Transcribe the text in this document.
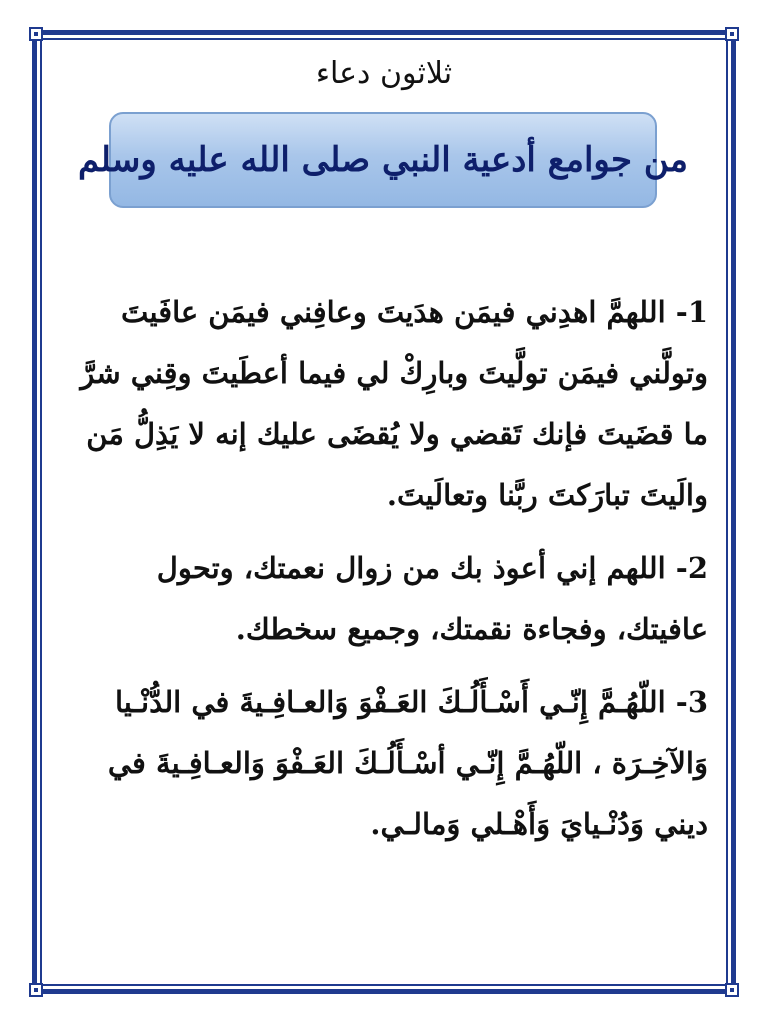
ثلاثون دعاء
من جوامع أدعية النبي صلى الله عليه وسلم

1- اللهمَّ اهدِني فيمَن هدَيتَ وعافِني فيمَن عافَيتَ وتولَّني فيمَن تولَّيتَ وبارِكْ لي فيما أعطَيتَ وقِني شرَّ ما قضَيتَ فإنك تَقضي ولا يُقضَى عليك إنه لا يَذِلُّ مَن والَيتَ تبارَكتَ ربَّنا وتعالَيتَ.

2- اللهم إني أعوذ بك من زوال نعمتك، وتحول عافيتك، وفجاءة نقمتك، وجميع سخطك.

3- اللّهُـمَّ إِنّـي أَسْـأَلُـكَ العَـفْوَ وَالعـافِـيةَ في الدُّنْـيا وَالآخِـرَة ، اللّهُـمَّ إِنّـي أسْـأَلُـكَ العَـفْوَ وَالعـافِـيةَ في ديني وَدُنْـيايَ وَأَهْـلي وَمالـي.
